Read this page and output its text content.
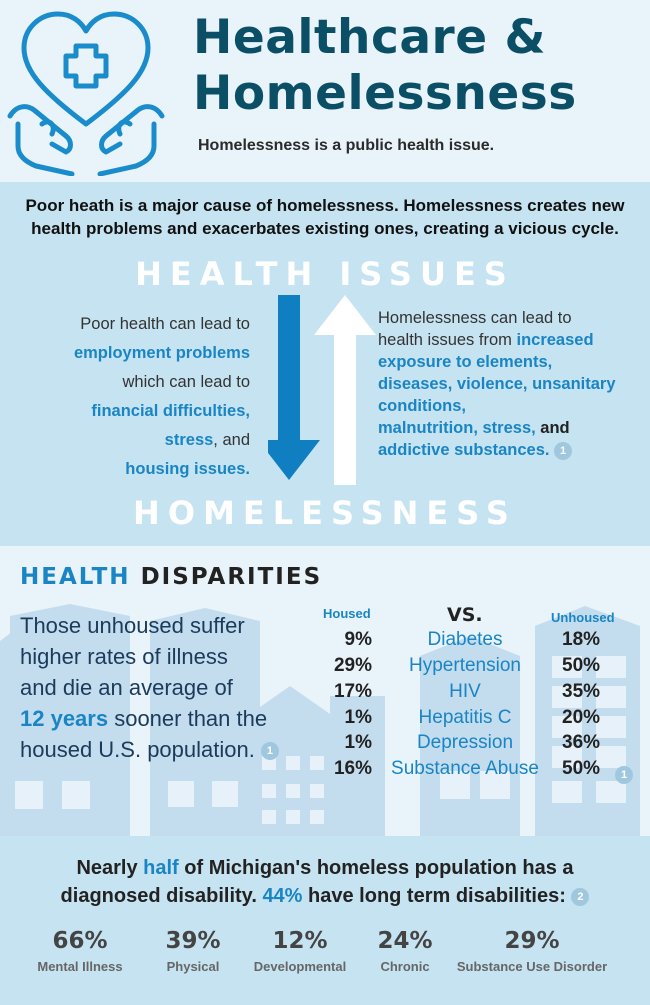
Healthcare &
Homelessness
Homelessness is a public health issue.
Poor heath is a major cause of homelessness. Homelessness creates new
health problems and exacerbates existing ones, creating a vicious cycle.
HEALTH ISSUES
Poor health can lead to
employment problems
which can lead to
financial difficulties,
stress, and
housing issues.
Homelessness can lead to
health issues from increased
exposure to elements,
diseases, violence, unsanitary
conditions,
malnutrition, stress, and
addictive substances. 1
HOMELESSNESS
HEALTH DISPARITIES
Those unhoused suffer
higher rates of illness
and die an average of
12 years sooner than the
housed U.S. population. 1
Housed	VS.	Unhoused
9%	Diabetes	18%
29%	Hypertension	50%
17%	HIV	35%
1%	Hepatitis C	20%
1%	Depression	36%
16%	Substance Abuse	50%	1
Nearly half of Michigan's homeless population has a
diagnosed disability. 44% have long term disabilities: 2
66%
Mental Illness
39%
Physical
12%
Developmental
24%
Chronic
29%
Substance Use Disorder
